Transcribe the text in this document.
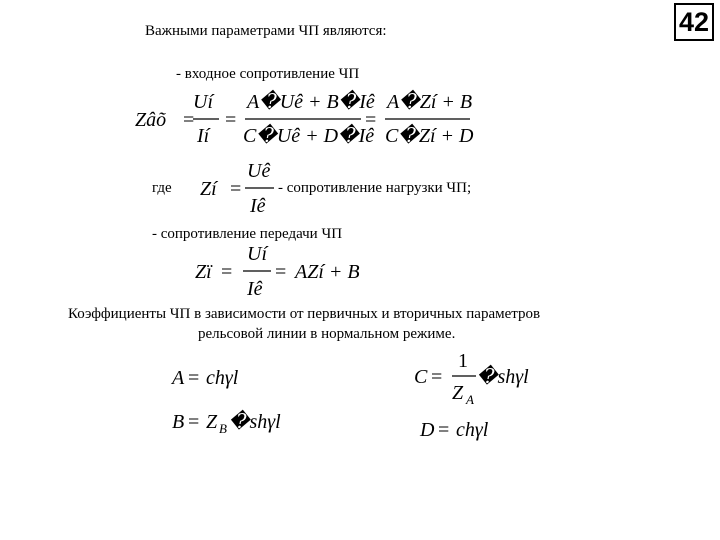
42
Важными параметрами ЧП являются:
- входное сопротивление ЧП
Zâõ =
Uí
Ií
=
A�Uê + B�Iê
C�Uê + D�Iê
=
A�Zí + B
C�Zí + D
где Zí =
Uê
Iê
- сопротивление нагрузки ЧП;
- сопротивление передачи ЧП
Zï =
Uí
Iê
= AZí + B
Коэффициенты ЧП в зависимости от первичных и вторичных параметров
рельсовой линии в нормальном режиме.
A = chγl	C =
1
Z A
�shγl
B = Z B �shγl	D = chγl
